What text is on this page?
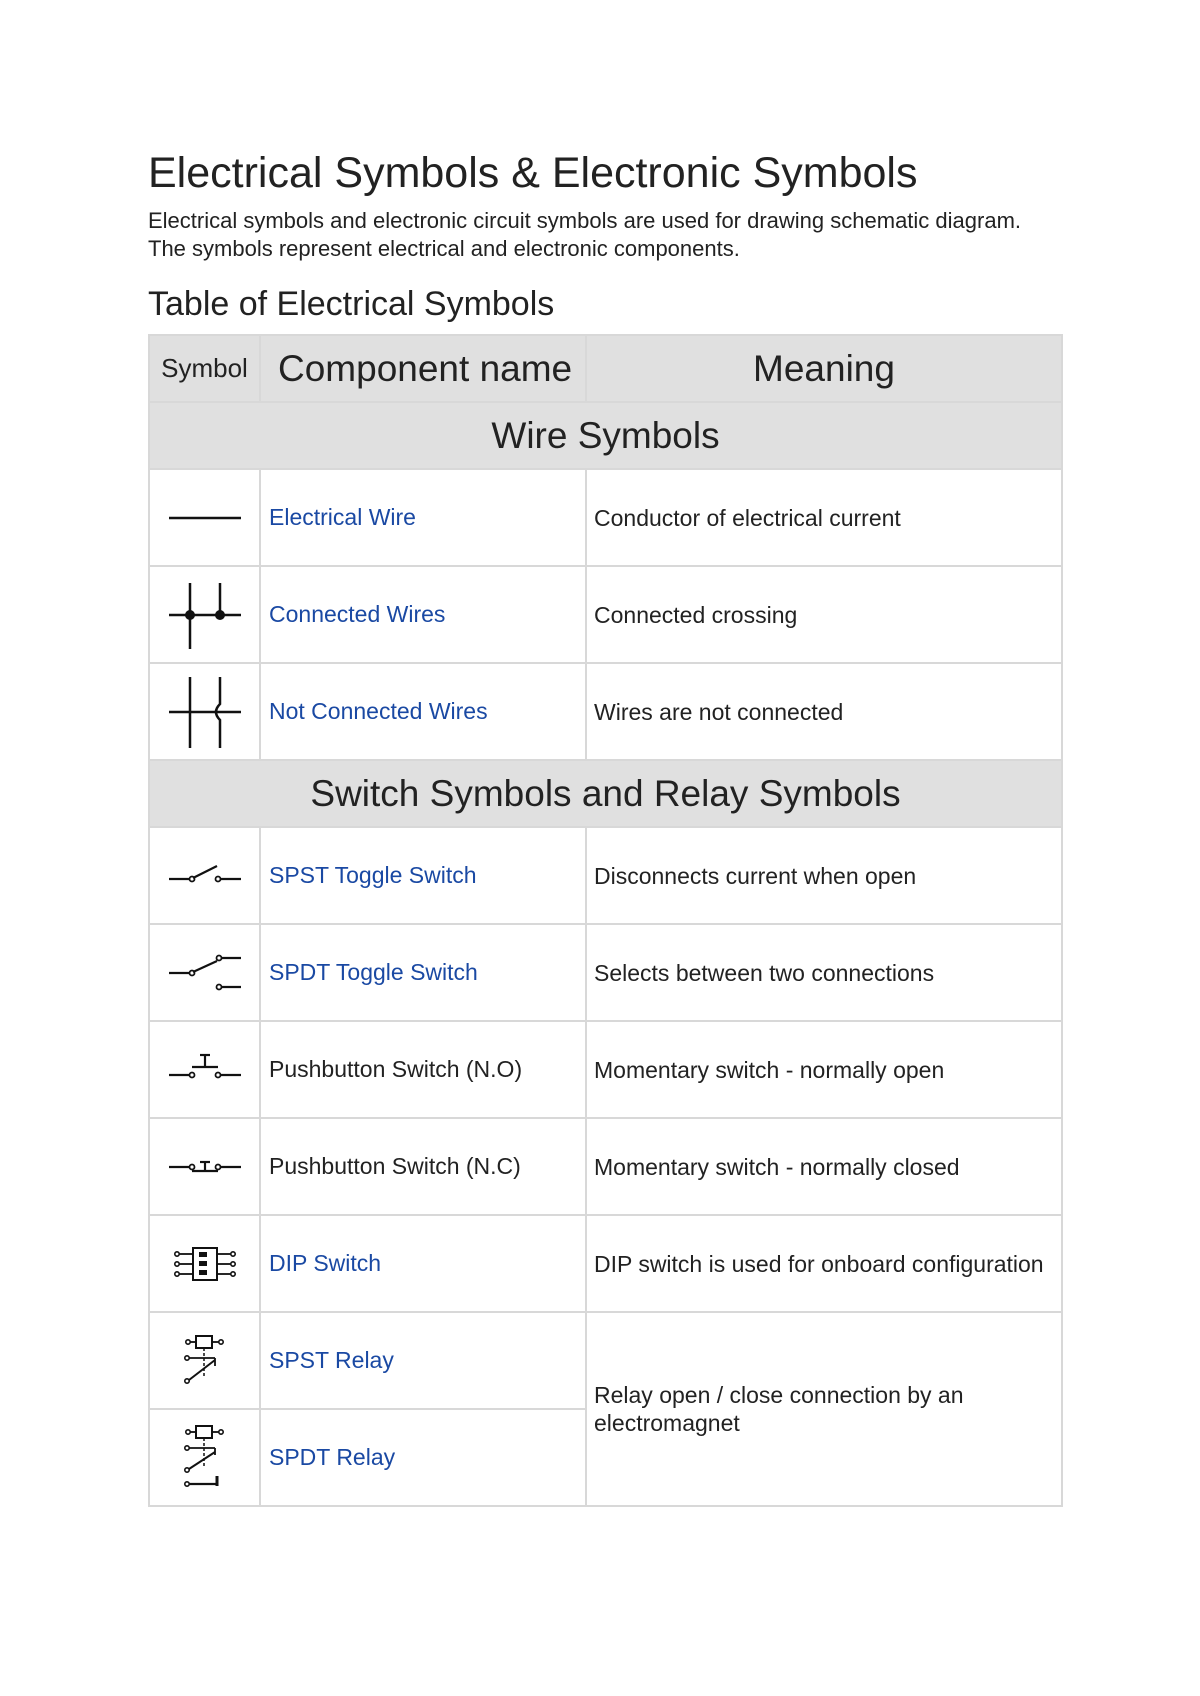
Electrical Symbols & Electronic Symbols

Electrical symbols and electronic circuit symbols are used for drawing schematic diagram.

The symbols represent electrical and electronic components.

Table of Electrical Symbols
Symbol	Component name	Meaning
Wire Symbols		

	Electrical Wire	Conductor of electrical current

	Connected Wires	Connected crossing

	Not Connected Wires	Wires are not connected
Switch Symbols and Relay Symbols		

	SPST Toggle Switch	Disconnects current when open

	SPDT Toggle Switch	Selects between two connections

	Pushbutton Switch (N.O)	Momentary switch - normally open

	Pushbutton Switch (N.C)	Momentary switch - normally closed

	DIP Switch	DIP switch is used for onboard configuration

	SPST Relay	Relay open / close connection by an electromagnet

	SPDT Relay	
